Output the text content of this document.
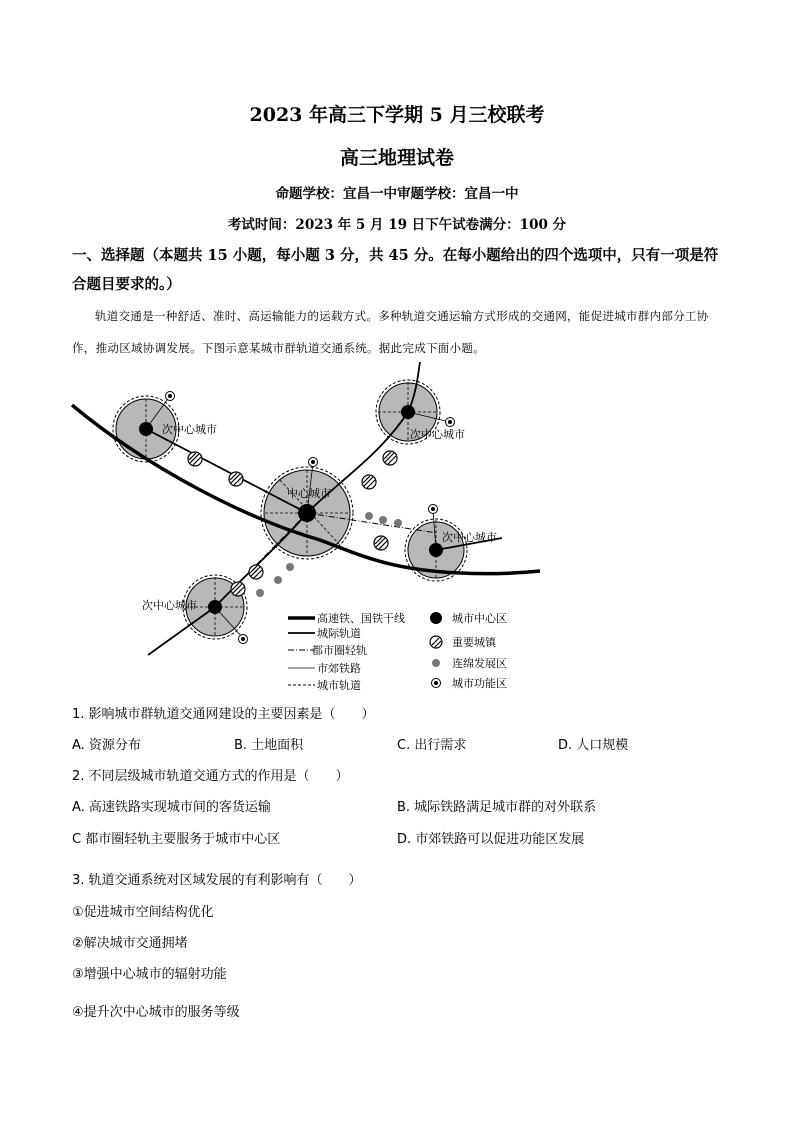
2023 年高三下学期 5 月三校联考
高三地理试卷
命题学校：宜昌一中审题学校：宜昌一中
考试时间：2023 年 5 月 19 日下午试卷满分：100 分
一、选择题（本题共 15 小题，每小题 3 分，共 45 分。在每小题给出的四个选项中，只有一项是符合题目要求的。）
轨道交通是一种舒适、准时、高运输能力的运载方式。多种轨道交通运输方式形成的交通网，能促进城市群内部分工协作，推动区域协调发展。下图示意某城市群轨道交通系统。据此完成下面小题。
次中心城市	次中心城市
中心城市
次中心城市
次中心城市
高速铁、国铁干线
城际轨道
都市圈轻轨
市郊铁路
城市轨道
城市中心区
重要城镇
连绵发展区
城市功能区
1. 影响城市群轨道交通网建设的主要因素是（　　）
A. 资源分布	B. 土地面积	C. 出行需求	D. 人口规模
2. 不同层级城市轨道交通方式的作用是（　　）
A. 高速铁路实现城市间的客货运输	B. 城际铁路满足城市群的对外联系
C 都市圈轻轨主要服务于城市中心区	D. 市郊铁路可以促进功能区发展
3. 轨道交通系统对区域发展的有利影响有（　　）
①促进城市空间结构优化
②解决城市交通拥堵
③增强中心城市的辐射功能
④提升次中心城市的服务等级
